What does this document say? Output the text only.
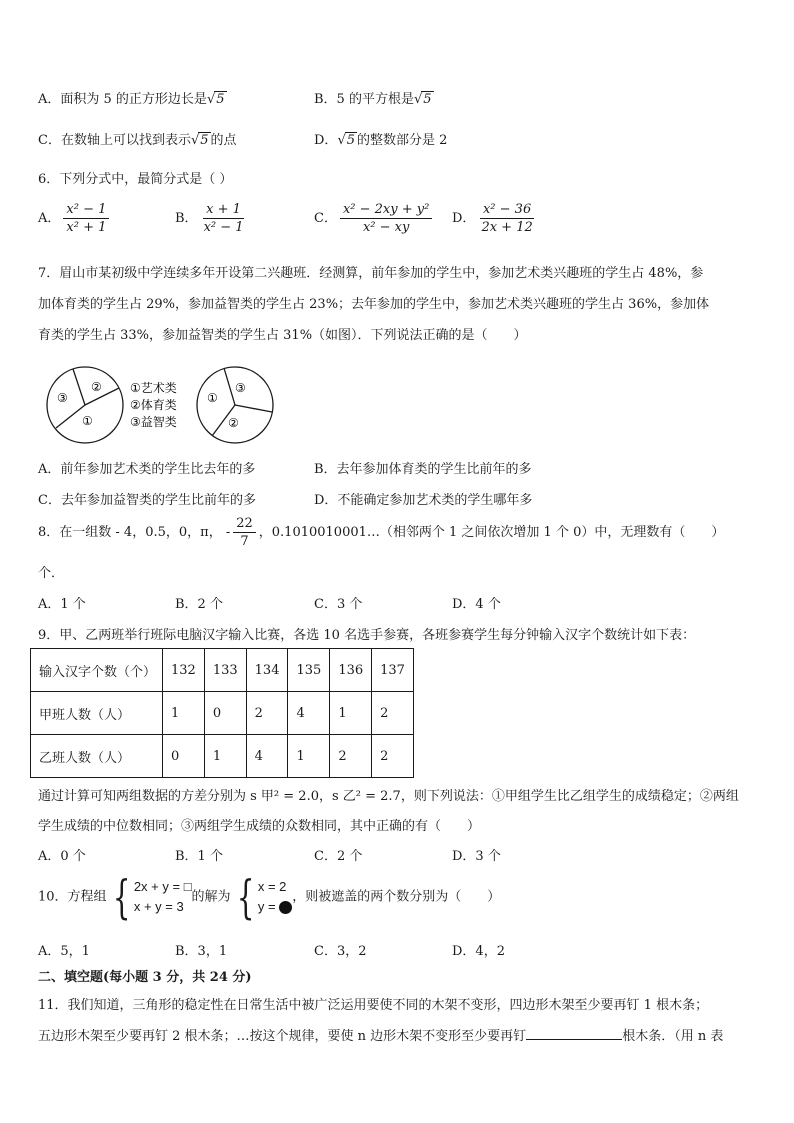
A．面积为 5 的正方形边长是√5	B．5 的平方根是√5
C．在数轴上可以找到表示√5 的点	D．√5 的整数部分是 2
6．下列分式中，最简分式是（ ）
A． $\frac{\text{x² − 1}}{\text{x² + 1}}$	B． $\frac{x + 1}{\text{x² − 1}}$	C． $\frac{\text{x² − 2xy + y²}}{\text{x² − xy}}$ D． $\frac{\text{x² − 36}}{2x + 12}$
7．眉山市某初级中学连续多年开设第二兴趣班．经测算，前年参加的学生中，参加艺术类兴趣班的学生占 48%，参
加体育类的学生占 29%，参加益智类的学生占 23%；去年参加的学生中，参加艺术类兴趣班的学生占 36%，参加体
育类的学生占 33%，参加益智类的学生占 31%（如图）．下列说法正确的是（　　）
②
③
①
①艺术类
②体育类
③益智类
③
①
②
A．前年参加艺术类的学生比去年的多	B．去年参加体育类的学生比前年的多
C．去年参加益智类的学生比前年的多	D．不能确定参加艺术类的学生哪年多
8．在一组数 - 4，0.5，0，π， - $\frac{22}{7}$ ，0.1010010001…（相邻两个 1 之间依次增加 1 个 0）中，无理数有（　　）
个．
A．1 个	B．2 个	C．3 个	D．4 个
9．甲、乙两班举行班际电脑汉字输入比赛，各选 10 名选手参赛，各班参赛学生每分钟输入汉字个数统计如下表：
输入汉字个数（个）	132	133	134	135	136	137
甲班人数（人）	1	0	2	4	1	2
乙班人数（人）	0	1	4	1	2	2
通过计算可知两组数据的方差分别为 s 甲² = 2.0，s 乙² = 2.7，则下列说法：①甲组学生比乙组学生的成绩稳定；②两组
学生成绩的中位数相同；③两组学生成绩的众数相同，其中正确的有（　　）
A．0 个	B．1 个	C．2 个	D．3 个
10．方程组 { 2x + y = □
x + y = 3
的解为 { x = 2
y =
，则被遮盖的两个数分别为（　　）
A．5，1	B．3，1	C．3，2	D．4，2
二、填空题(每小题 3 分，共 24 分)
11．我们知道，三角形的稳定性在日常生活中被广泛运用要使不同的木架不变形，四边形木架至少要再钉 1 根木条；
五边形木架至少要再钉 2 根木条；…按这个规律，要使 n 边形木架不变形至少要再钉	根木条．（用 n 表
